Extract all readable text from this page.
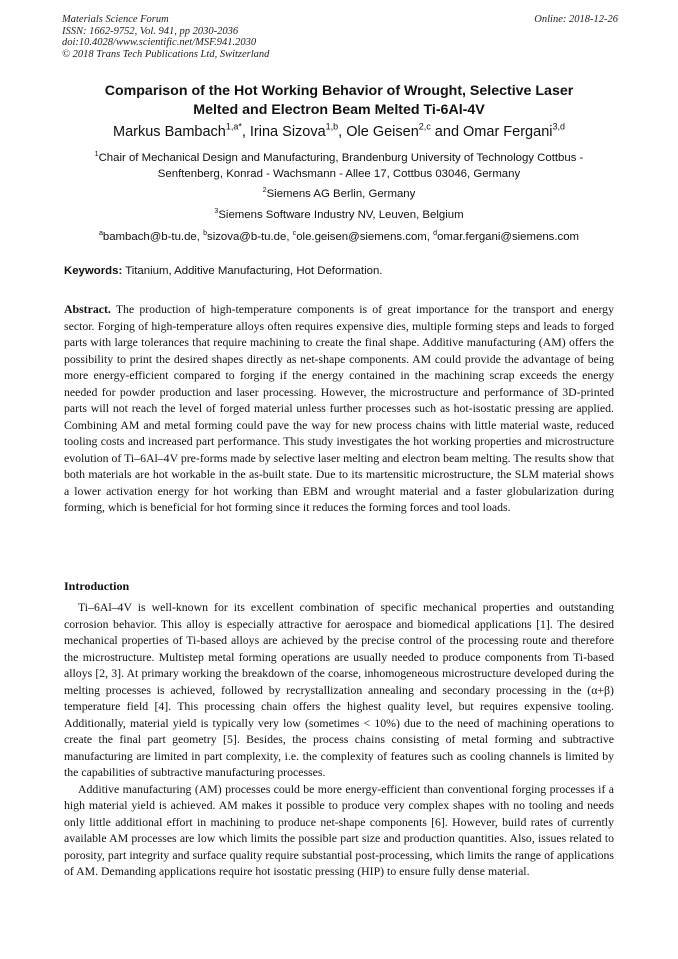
Materials Science Forum
ISSN: 1662-9752, Vol. 941, pp 2030-2036
doi:10.4028/www.scientific.net/MSF.941.2030
© 2018 Trans Tech Publications Ltd, Switzerland
Online: 2018-12-26
Comparison of the Hot Working Behavior of Wrought, Selective Laser
Melted and Electron Beam Melted Ti-6Al-4V
Markus Bambach$^{1,a*}$, Irina Sizova$^{1,b}$, Ole Geisen$^{2,c}$ and Omar Fergani$^{3,d}$
$^1$Chair of Mechanical Design and Manufacturing, Brandenburg University of Technology Cottbus -
Senftenberg, Konrad - Wachsmann - Allee 17, Cottbus 03046, Germany
$^2$Siemens AG Berlin, Germany
$^3$Siemens Software Industry NV, Leuven, Belgium
$^a$bambach@b-tu.de, $^b$sizova@b-tu.de, $^c$ole.geisen@siemens.com, $^d$omar.fergani@siemens.com
Keywords: Titanium, Additive Manufacturing, Hot Deformation.
Abstract. The production of high-temperature components is of great importance for the transport and energy sector. Forging of high-temperature alloys often requires expensive dies, multiple forming steps and leads to forged parts with large tolerances that require machining to create the final shape. Additive manufacturing (AM) offers the possibility to print the desired shapes directly as net-shape components. AM could provide the advantage of being more energy-efficient compared to forging if the energy contained in the machining scrap exceeds the energy needed for powder production and laser processing. However, the microstructure and performance of 3D-printed parts will not reach the level of forged material unless further processes such as hot-isostatic pressing are applied. Combining AM and metal forming could pave the way for new process chains with little material waste, reduced tooling costs and increased part performance. This study investigates the hot working properties and microstructure evolution of Ti–6Al–4V pre-forms made by selective laser melting and electron beam melting. The results show that both materials are hot workable in the as-built state. Due to its martensitic microstructure, the SLM material shows a lower activation energy for hot working than EBM and wrought material and a faster globularization during forming, which is beneficial for hot forming since it reduces the forming forces and tool loads.
Introduction

Ti–6Al–4V is well-known for its excellent combination of specific mechanical properties and outstanding corrosion behavior. This alloy is especially attractive for aerospace and biomedical applications [1]. The desired mechanical properties of Ti-based alloys are achieved by the precise control of the processing route and therefore the microstructure. Multistep metal forming operations are usually needed to produce components from Ti-based alloys [2, 3]. At primary working the breakdown of the coarse, inhomogeneous microstructure developed during the melting processes is achieved, followed by recrystallization annealing and secondary processing in the (α+β) temperature field [4]. This processing chain offers the highest quality level, but requires expensive tooling. Additionally, material yield is typically very low (sometimes < 10%) due to the need of machining operations to create the final part geometry [5]. Besides, the process chains consisting of metal forming and subtractive manufacturing are limited in part complexity, i.e. the complexity of features such as cooling channels is limited by the capabilities of subtractive manufacturing processes.

Additive manufacturing (AM) processes could be more energy-efficient than conventional forging processes if a high material yield is achieved. AM makes it possible to produce very complex shapes with no tooling and needs only little additional effort in machining to produce net-shape components [6]. However, build rates of currently available AM processes are low which limits the possible part size and production quantities. Also, issues related to porosity, part integrity and surface quality require substantial post-processing, which limits the range of applications of AM. Demanding applications require hot isostatic pressing (HIP) to ensure fully dense material.
